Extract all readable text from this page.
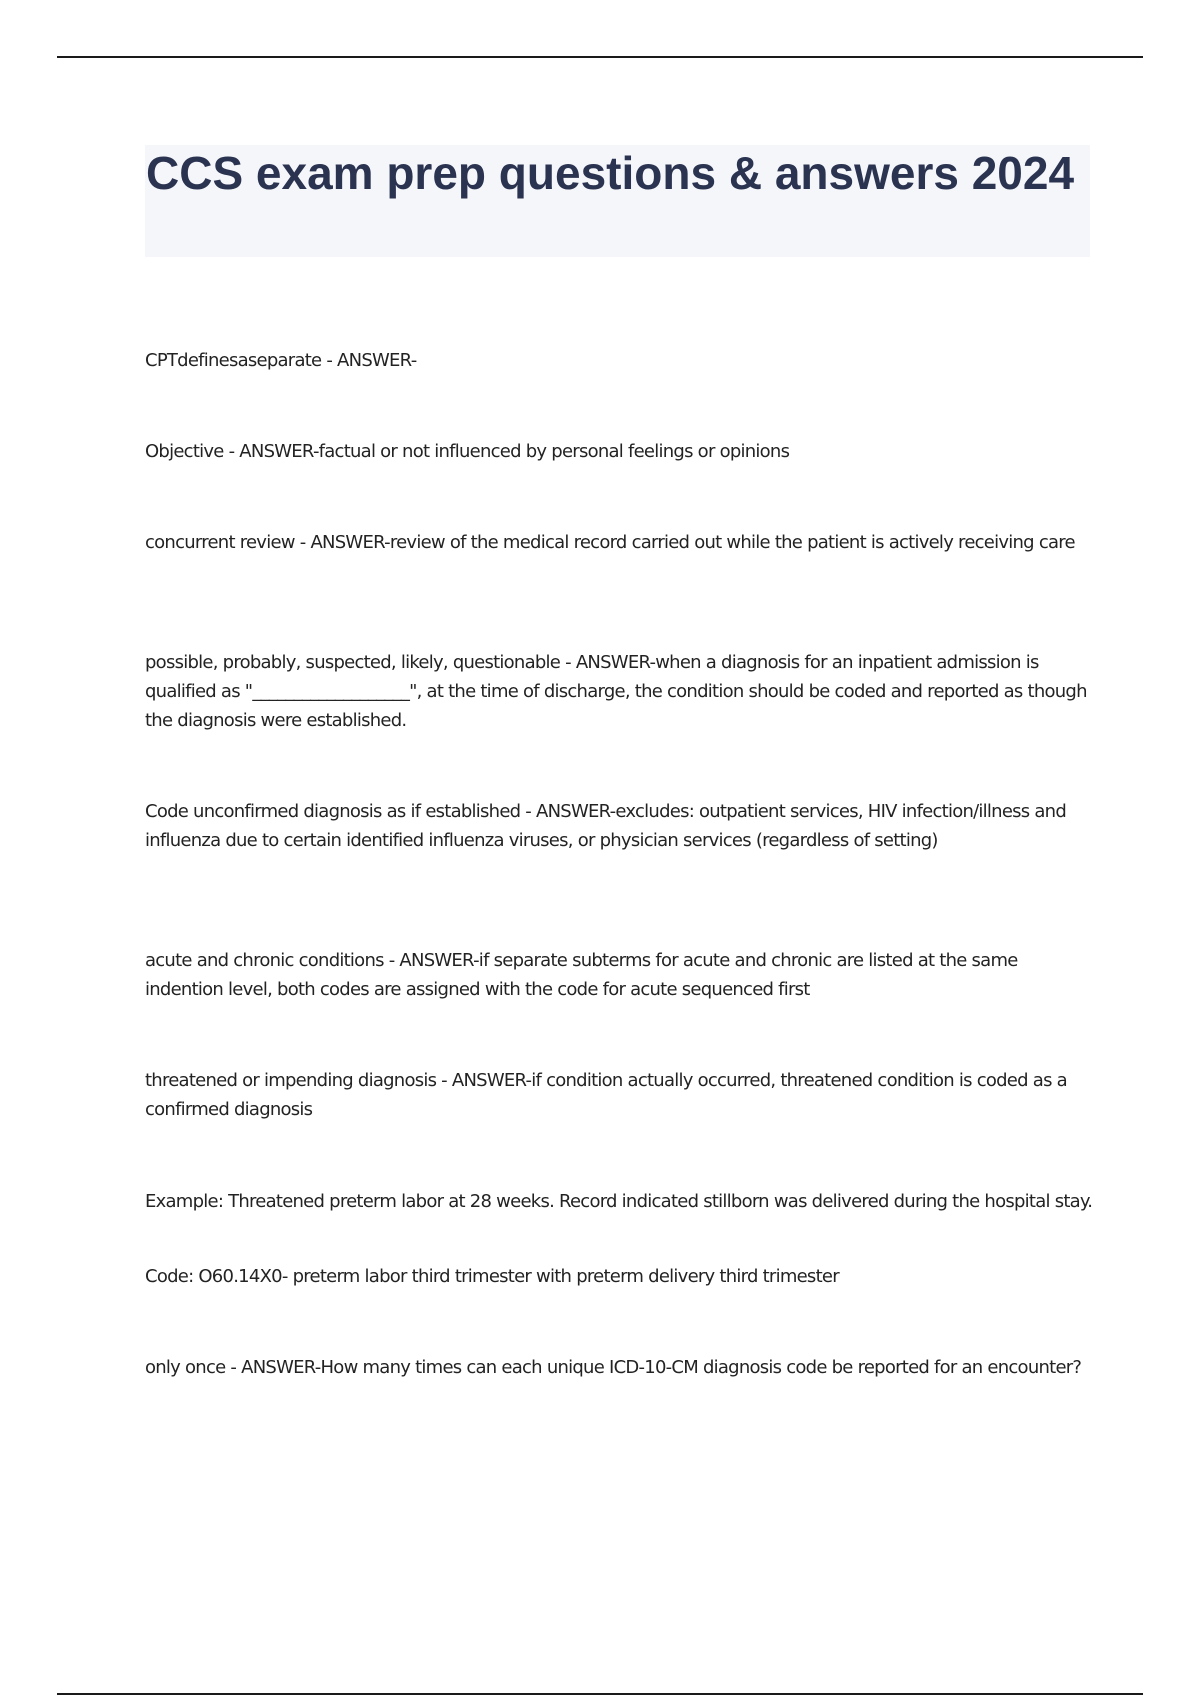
CCS exam prep questions & answers 2024

CPTdefinesaseparate - ANSWER-

Objective - ANSWER-factual or not influenced by personal feelings or opinions

concurrent review - ANSWER-review of the medical record carried out while the patient is actively receiving care

possible, probably, suspected, likely, questionable - ANSWER-when a diagnosis for an inpatient admission is qualified as "___________________", at the time of discharge, the condition should be coded and reported as though the diagnosis were established.

Code unconfirmed diagnosis as if established - ANSWER-excludes: outpatient services, HIV infection/illness and influenza due to certain identified influenza viruses, or physician services (regardless of setting)

acute and chronic conditions - ANSWER-if separate subterms for acute and chronic are listed at the same indention level, both codes are assigned with the code for acute sequenced first

threatened or impending diagnosis - ANSWER-if condition actually occurred, threatened condition is coded as a confirmed diagnosis

Example: Threatened preterm labor at 28 weeks. Record indicated stillborn was delivered during the hospital stay.

Code: O60.14X0- preterm labor third trimester with preterm delivery third trimester

only once - ANSWER-How many times can each unique ICD-10-CM diagnosis code be reported for an encounter?
